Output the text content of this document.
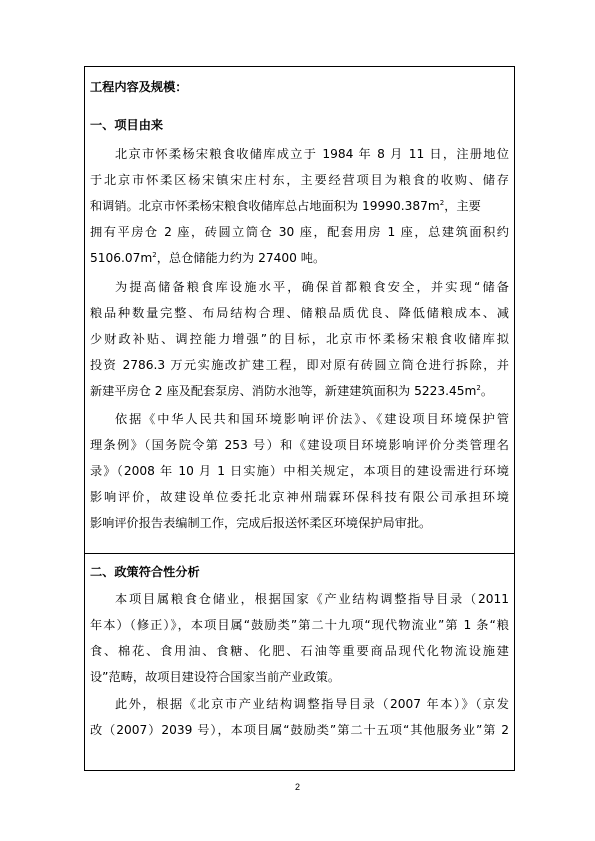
工程内容及规模：
一、项目由来
北京市怀柔杨宋粮食收储库成立于 1984 年 8 月 11 日，注册地位
于北京市怀柔区杨宋镇宋庄村东，主要经营项目为粮食的收购、储存
和调销。北京市怀柔杨宋粮食收储库总占地面积为 $19990.387m^2$，主要
拥有平房仓 2 座，砖圆立筒仓 30 座，配套用房 1 座，总建筑面积约
$5106.07m^2$，总仓储能力约为 27400 吨。
为提高储备粮食库设施水平，确保首都粮食安全，并实现“储备
粮品种数量完整、布局结构合理、储粮品质优良、降低储粮成本、减
少财政补贴、调控能力增强”的目标，北京市怀柔杨宋粮食收储库拟
投资 2786.3 万元实施改扩建工程，即对原有砖圆立筒仓进行拆除，并
新建平房仓 2 座及配套泵房、消防水池等，新建建筑面积为 $5223.45m^2$。
依据《中华人民共和国环境影响评价法》、《建设项目环境保护管
理条例》（国务院令第 253 号）和《建设项目环境影响评价分类管理名
录》（2008 年 10 月 1 日实施）中相关规定，本项目的建设需进行环境
影响评价，故建设单位委托北京神州瑞霖环保科技有限公司承担环境
影响评价报告表编制工作，完成后报送怀柔区环境保护局审批。
二、政策符合性分析
本项目属粮食仓储业，根据国家《产业结构调整指导目录（2011
年本）（修正）》，本项目属“鼓励类”第二十九项“现代物流业”第 1 条“粮
食、棉花、食用油、食糖、化肥、石油等重要商品现代化物流设施建
设”范畴，故项目建设符合国家当前产业政策。
此外，根据《北京市产业结构调整指导目录（2007 年本）》（京发
改（2007）2039 号），本项目属“鼓励类”第二十五项“其他服务业”第 2
2
